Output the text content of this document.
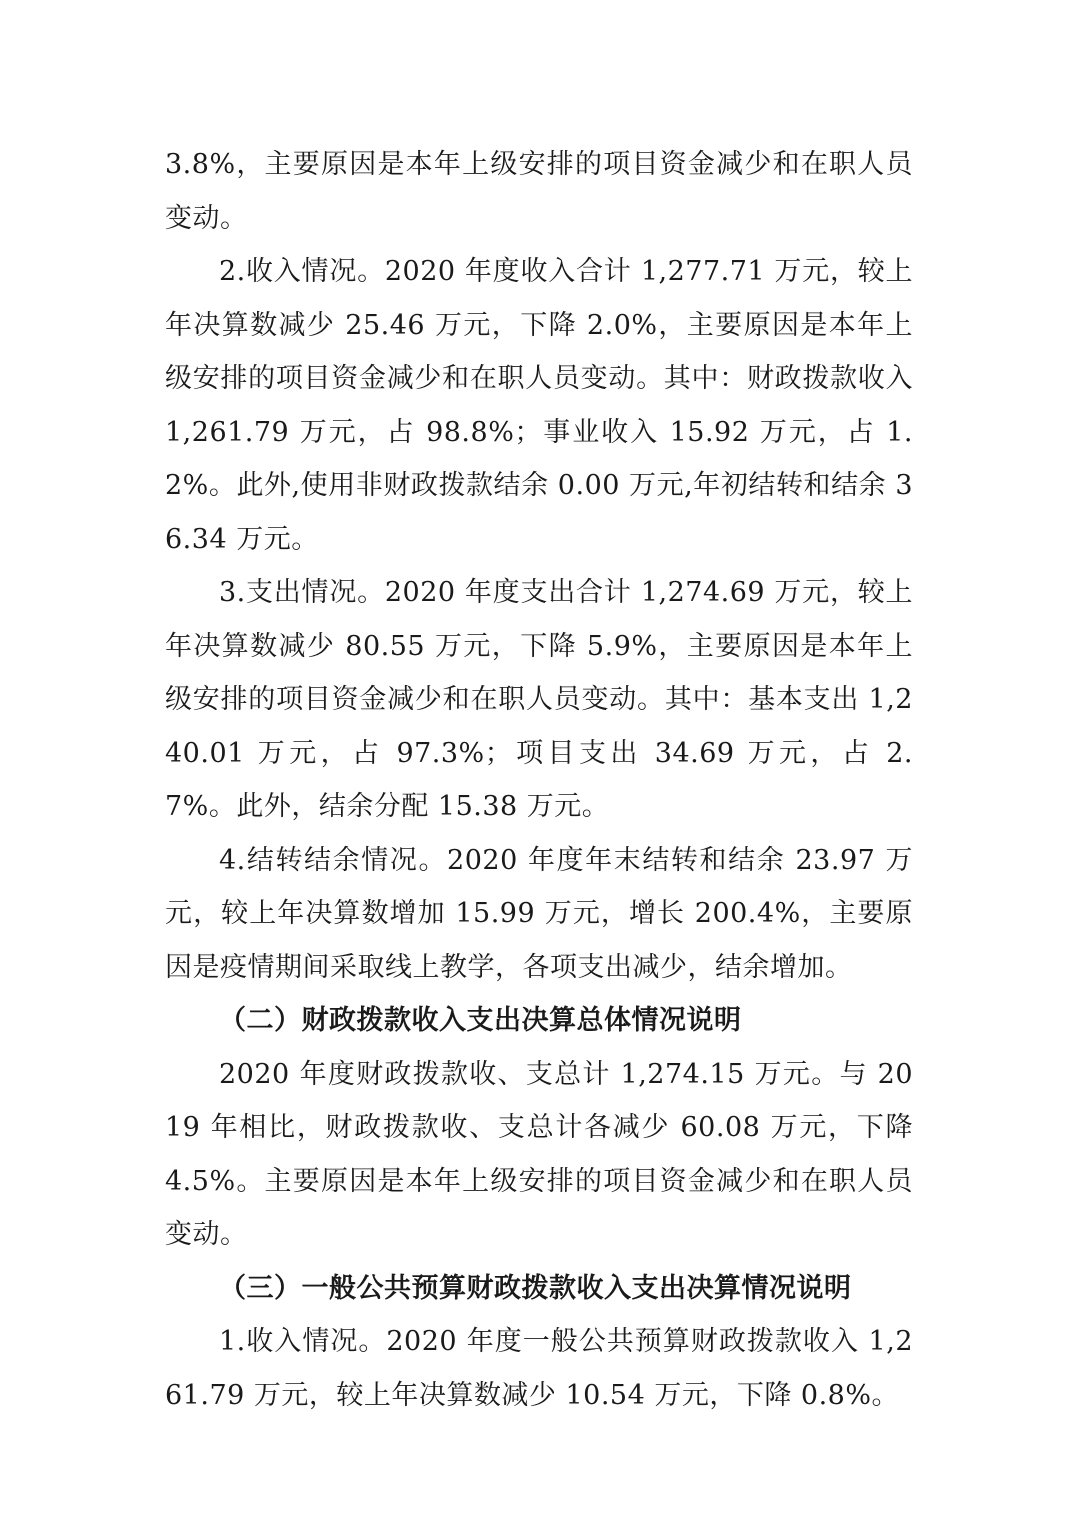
3.8%，主要原因是本年上级安排的项目资金减少和在职人员变动。

2.收入情况。2020 年度收入合计 1,277.71 万元，较上年决算数减少 25.46 万元，下降 2.0%，主要原因是本年上级安排的项目资金减少和在职人员变动。其中：财政拨款收入 1,261.79 万元，占 98.8%；事业收入 15.92 万元，占 1.2%。此外,使用非财政拨款结余 0.00 万元,年初结转和结余 36.34 万元。

3.支出情况。2020 年度支出合计 1,274.69 万元，较上年决算数减少 80.55 万元，下降 5.9%，主要原因是本年上级安排的项目资金减少和在职人员变动。其中：基本支出 1,240.01 万元，占 97.3%；项目支出 34.69 万元，占 2.7%。此外，结余分配 15.38 万元。

4.结转结余情况。2020 年度年末结转和结余 23.97 万元，较上年决算数增加 15.99 万元，增长 200.4%，主要原因是疫情期间采取线上教学，各项支出减少，结余增加。

（二）财政拨款收入支出决算总体情况说明

2020 年度财政拨款收、支总计 1,274.15 万元。与 2019 年相比，财政拨款收、支总计各减少 60.08 万元，下降 4.5%。主要原因是本年上级安排的项目资金减少和在职人员变动。

（三）一般公共预算财政拨款收入支出决算情况说明

1.收入情况。2020 年度一般公共预算财政拨款收入 1,261.79 万元，较上年决算数减少 10.54 万元，下降 0.8%。
